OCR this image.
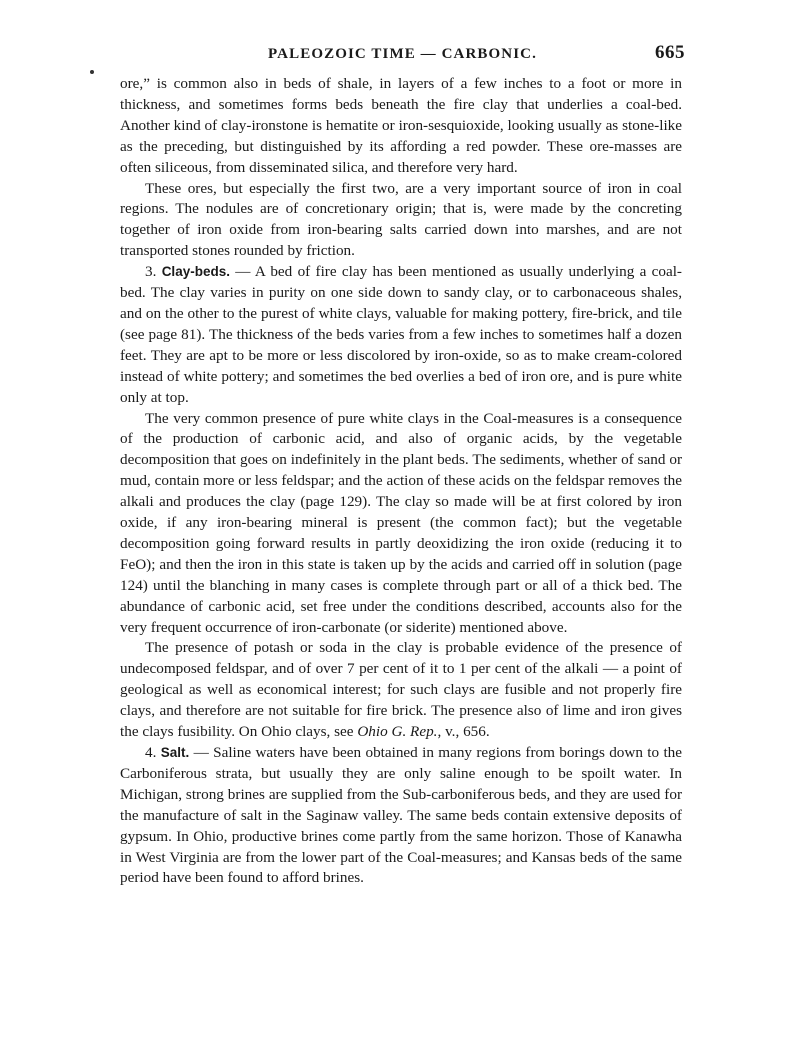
PALEOZOIC TIME — CARBONIC.	665

ore,” is common also in beds of shale, in layers of a few inches to a foot or more in thickness, and sometimes forms beds beneath the fire clay that underlies a coal-bed. Another kind of clay-ironstone is hematite or iron-sesquioxide, looking usually as stone-like as the preceding, but distinguished by its affording a red powder. These ore-masses are often siliceous, from disseminated silica, and therefore very hard.

These ores, but especially the first two, are a very important source of iron in coal regions. The nodules are of concretionary origin; that is, were made by the concreting together of iron oxide from iron-bearing salts carried down into marshes, and are not transported stones rounded by friction.

3. Clay-beds. — A bed of fire clay has been mentioned as usually underlying a coal-bed. The clay varies in purity on one side down to sandy clay, or to carbonaceous shales, and on the other to the purest of white clays, valuable for making pottery, fire-brick, and tile (see page 81). The thickness of the beds varies from a few inches to sometimes half a dozen feet. They are apt to be more or less discolored by iron-oxide, so as to make cream-colored instead of white pottery; and sometimes the bed overlies a bed of iron ore, and is pure white only at top.

The very common presence of pure white clays in the Coal-measures is a consequence of the production of carbonic acid, and also of organic acids, by the vegetable decomposition that goes on indefinitely in the plant beds. The sediments, whether of sand or mud, contain more or less feldspar; and the action of these acids on the feldspar removes the alkali and produces the clay (page 129). The clay so made will be at first colored by iron oxide, if any iron-bearing mineral is present (the common fact); but the vegetable decomposition going forward results in partly deoxidizing the iron oxide (reducing it to FeO); and then the iron in this state is taken up by the acids and carried off in solution (page 124) until the blanching in many cases is complete through part or all of a thick bed. The abundance of carbonic acid, set free under the conditions described, accounts also for the very frequent occurrence of iron-carbonate (or siderite) mentioned above.

The presence of potash or soda in the clay is probable evidence of the presence of undecomposed feldspar, and of over 7 per cent of it to 1 per cent of the alkali — a point of geological as well as economical interest; for such clays are fusible and not properly fire clays, and therefore are not suitable for fire brick. The presence also of lime and iron gives the clays fusibility. On Ohio clays, see Ohio G. Rep., v., 656.

4. Salt. — Saline waters have been obtained in many regions from borings down to the Carboniferous strata, but usually they are only saline enough to be spoilt water. In Michigan, strong brines are supplied from the Sub-carboniferous beds, and they are used for the manufacture of salt in the Saginaw valley. The same beds contain extensive deposits of gypsum. In Ohio, productive brines come partly from the same horizon. Those of Kanawha in West Virginia are from the lower part of the Coal-measures; and Kansas beds of the same period have been found to afford brines.
